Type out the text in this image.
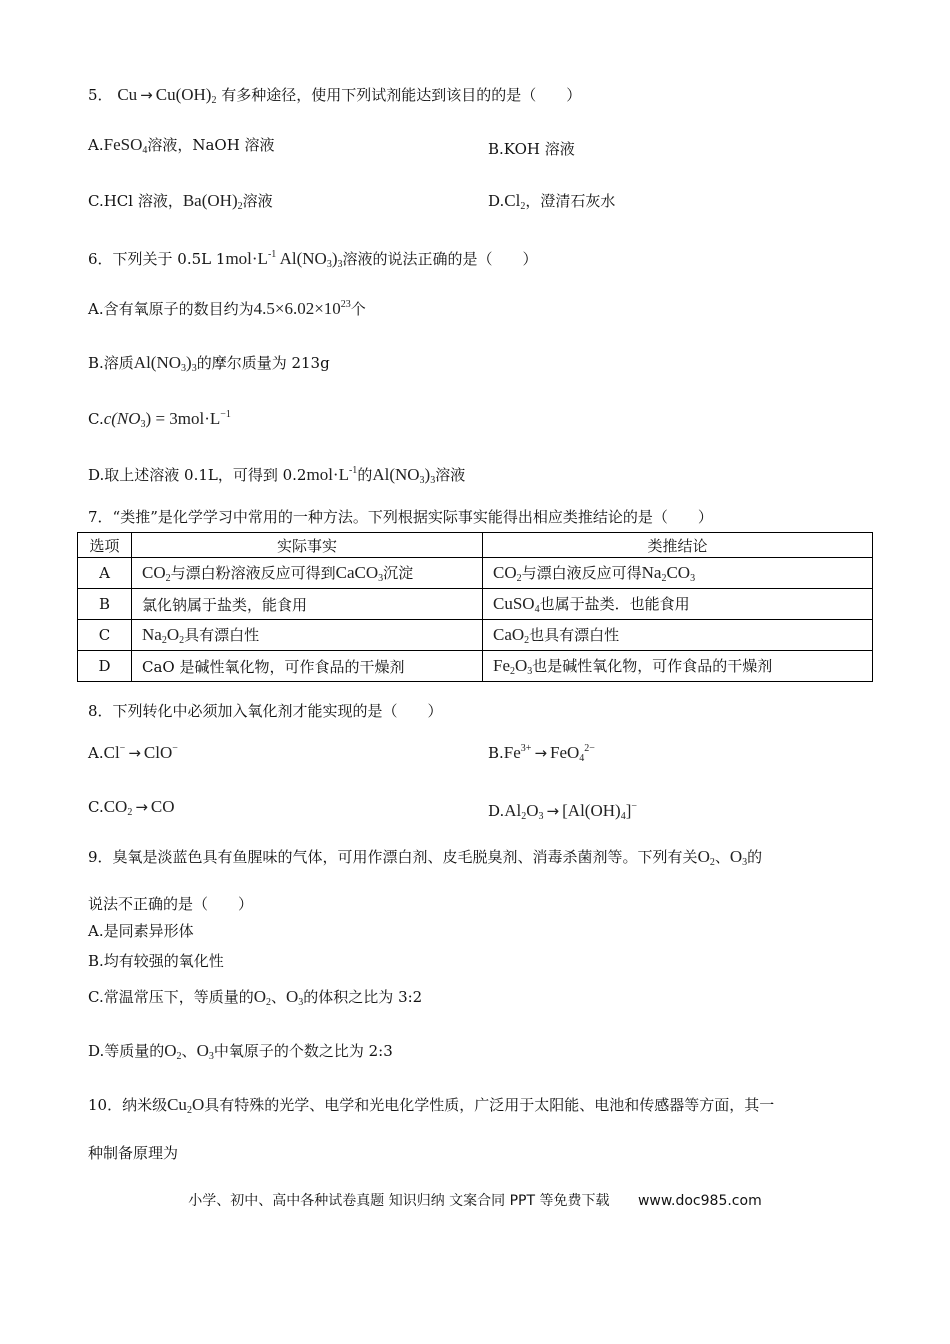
5． $Cu \to Cu(OH)_2$ 有多种途径，使用下列试剂能达到该目的的是（　　）
A.FeSO$_4$溶液，NaOH 溶液	B.KOH 溶液
C.HCl 溶液，$Ba(OH)_2$溶液	$D.Cl_2$，澄清石灰水
6．下列关于 0.5L $1mol\cdot L^{-1}$ $Al(NO_3)_3$溶液的说法正确的是（　　）
A.含有氧原子的数目约为$4.5\times 6.02\times 10^{23}$个
B.溶质$Al(NO_3)_3$的摩尔质量为 213g
$C.c(NO_3) = 3mol\cdot L^{-1}$
D.取上述溶液 0.1L，可得到 $0.2mol\cdot L^{-1}$的$Al(NO_3)_3$溶液
7．“类推”是化学学习中常用的一种方法。下列根据实际事实能得出相应类推结论的是（　　）
选项	实际事实	类推结论
A	$CO_2$与漂白粉溶液反应可得到CaCO$_3$沉淀	$CO_2$与漂白液反应可得$Na_2CO_3$
B	氯化钠属于盐类，能食用	CuSO$_4$也属于盐类．也能食用
C	$Na_2O_2$具有漂白性	CaO$_2$也具有漂白性
D	CaO 是碱性氧化物，可作食品的干燥剂	$Fe_2O_3$也是碱性氧化物，可作食品的干燥剂
8．下列转化中必须加入氧化剂才能实现的是（　　）
A.Cl− → ClO−	$B.Fe^{3+} \to FeO_4^{2-}$
$C.CO_2$ → CO	$D.Al_2O_3 \to [Al(OH)_4]^-$
9．臭氧是淡蓝色具有鱼腥味的气体，可用作漂白剂、皮毛脱臭剂、消毒杀菌剂等。下列有关$O_2$、$O_3$的
说法不正确的是（　　）
A.是同素异形体
B.均有较强的氧化性
C.常温常压下，等质量的$O_2$、$O_3$的体积之比为 3:2
D.等质量的$O_2$、$O_3$中氧原子的个数之比为 2:3
10．纳米级$Cu_2O$具有特殊的光学、电学和光电化学性质，广泛用于太阳能、电池和传感器等方面，其一
种制备原理为
小学、初中、高中各种试卷真题 知识归纳 文案合同 PPT 等免费下载 www.doc985.com
